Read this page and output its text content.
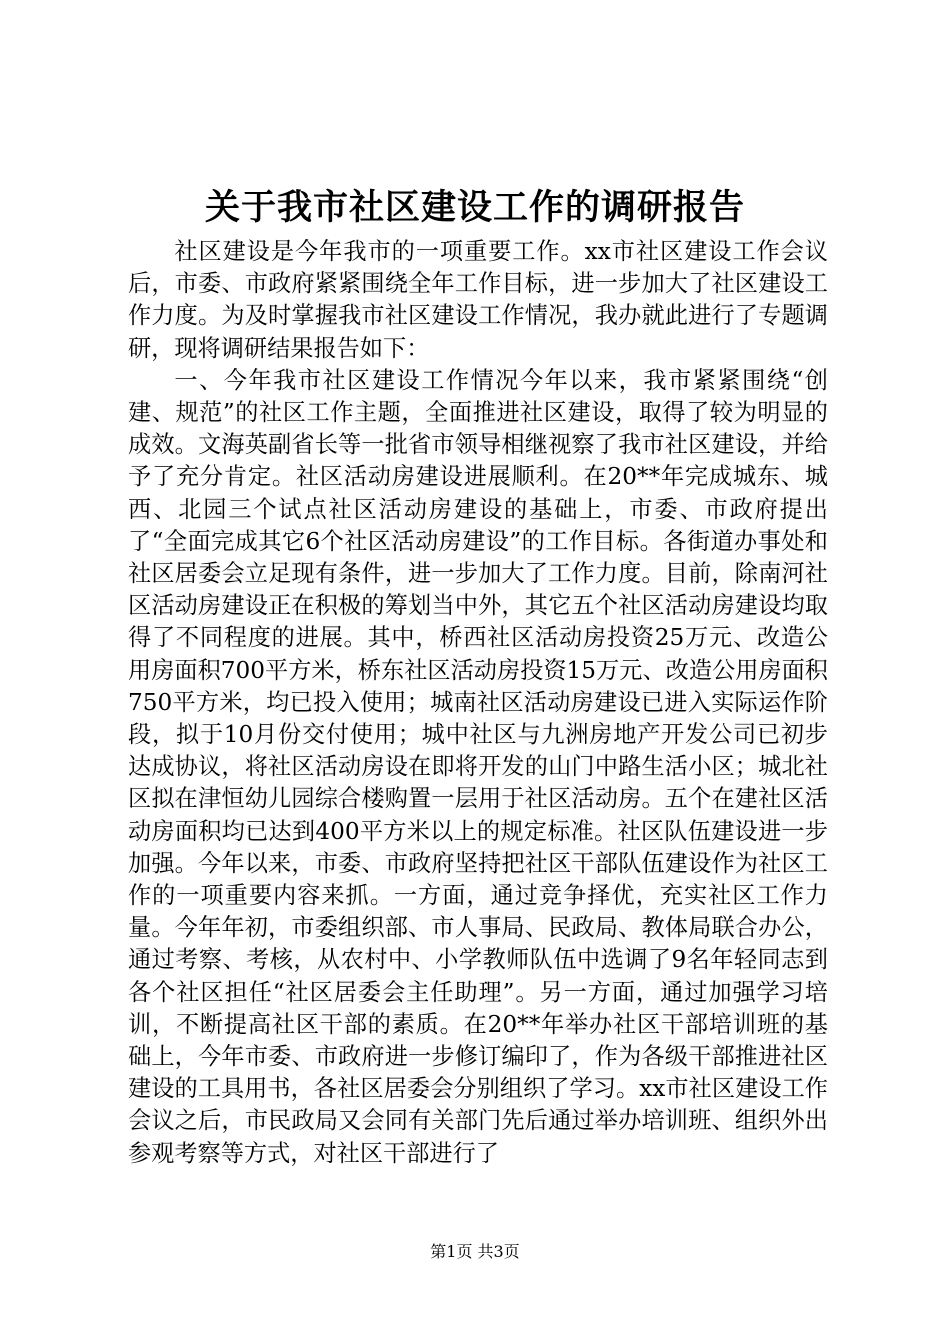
关于我市社区建设工作的调研报告

社区建设是今年我市的一项重要工作。xx市社区建设工作会议后，市委、市政府紧紧围绕全年工作目标，进一步加大了社区建设工作力度。为及时掌握我市社区建设工作情况，我办就此进行了专题调研，现将调研结果报告如下：

一、今年我市社区建设工作情况今年以来，我市紧紧围绕“创建、规范”的社区工作主题，全面推进社区建设，取得了较为明显的成效。文海英副省长等一批省市领导相继视察了我市社区建设，并给予了充分肯定。社区活动房建设进展顺利。在20**年完成城东、城西、北园三个试点社区活动房建设的基础上，市委、市政府提出了“全面完成其它6个社区活动房建设”的工作目标。各街道办事处和社区居委会立足现有条件，进一步加大了工作力度。目前，除南河社区活动房建设正在积极的筹划当中外，其它五个社区活动房建设均取得了不同程度的进展。其中，桥西社区活动房投资25万元、改造公用房面积700平方米，桥东社区活动房投资15万元、改造公用房面积750平方米，均已投入使用；城南社区活动房建设已进入实际运作阶段，拟于10月份交付使用；城中社区与九洲房地产开发公司已初步达成协议，将社区活动房设在即将开发的山门中路生活小区；城北社区拟在津恒幼儿园综合楼购置一层用于社区活动房。五个在建社区活动房面积均已达到400平方米以上的规定标准。社区队伍建设进一步加强。今年以来，市委、市政府坚持把社区干部队伍建设作为社区工作的一项重要内容来抓。一方面，通过竞争择优，充实社区工作力量。今年年初，市委组织部、市人事局、民政局、教体局联合办公，通过考察、考核，从农村中、小学教师队伍中选调了9名年轻同志到各个社区担任“社区居委会主任助理”。另一方面，通过加强学习培训，不断提高社区干部的素质。在20**年举办社区干部培训班的基础上，今年市委、市政府进一步修订编印了，作为各级干部推进社区建设的工具用书，各社区居委会分别组织了学习。xx市社区建设工作会议之后，市民政局又会同有关部门先后通过举办培训班、组织外出参观考察等方式，对社区干部进行了

第1页 共3页
